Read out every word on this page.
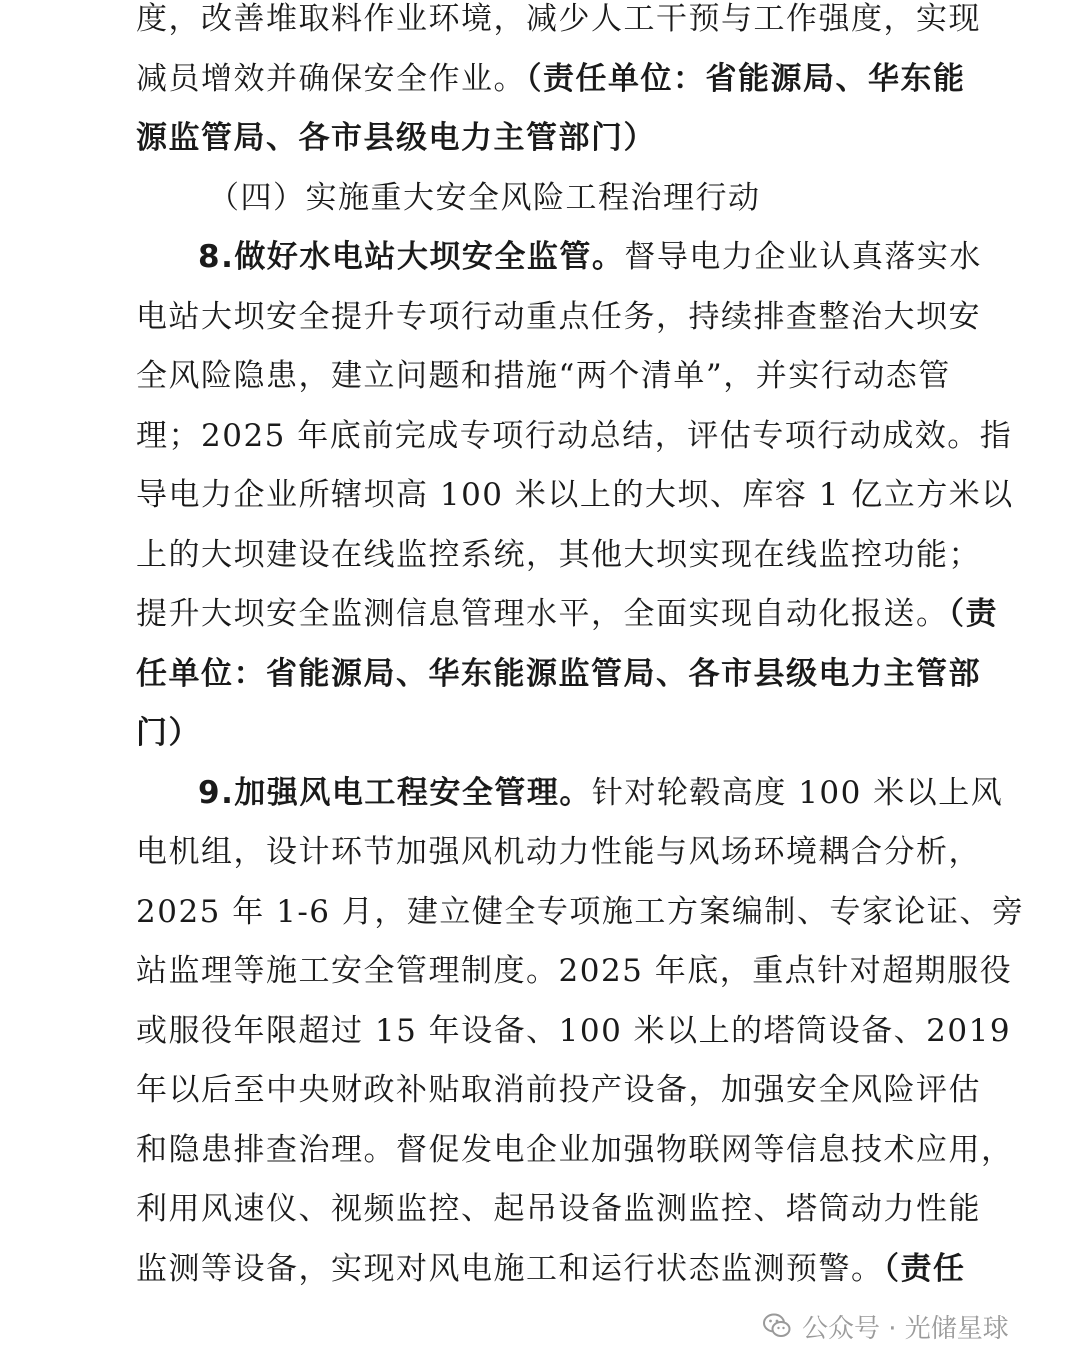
度，改善堆取料作业环境，减少人工干预与工作强度，实现
减员增效并确保安全作业。（责任单位：省能源局、华东能
源监管局、各市县级电力主管部门）
（四）实施重大安全风险工程治理行动
8.做好水电站大坝安全监管。督导电力企业认真落实水
电站大坝安全提升专项行动重点任务，持续排查整治大坝安
全风险隐患，建立问题和措施“两个清单”，并实行动态管
理；2025 年底前完成专项行动总结，评估专项行动成效。指
导电力企业所辖坝高 100 米以上的大坝、库容 1 亿立方米以
上的大坝建设在线监控系统，其他大坝实现在线监控功能；
提升大坝安全监测信息管理水平，全面实现自动化报送。（责
任单位：省能源局、华东能源监管局、各市县级电力主管部
门）
9.加强风电工程安全管理。针对轮毂高度 100 米以上风
电机组，设计环节加强风机动力性能与风场环境耦合分析，
2025 年 1-6 月，建立健全专项施工方案编制、专家论证、旁
站监理等施工安全管理制度。2025 年底，重点针对超期服役
或服役年限超过 15 年设备、100 米以上的塔筒设备、2019
年以后至中央财政补贴取消前投产设备，加强安全风险评估
和隐患排查治理。督促发电企业加强物联网等信息技术应用，
利用风速仪、视频监控、起吊设备监测监控、塔筒动力性能
监测等设备，实现对风电施工和运行状态监测预警。（责任
公众号 · 光储星球
